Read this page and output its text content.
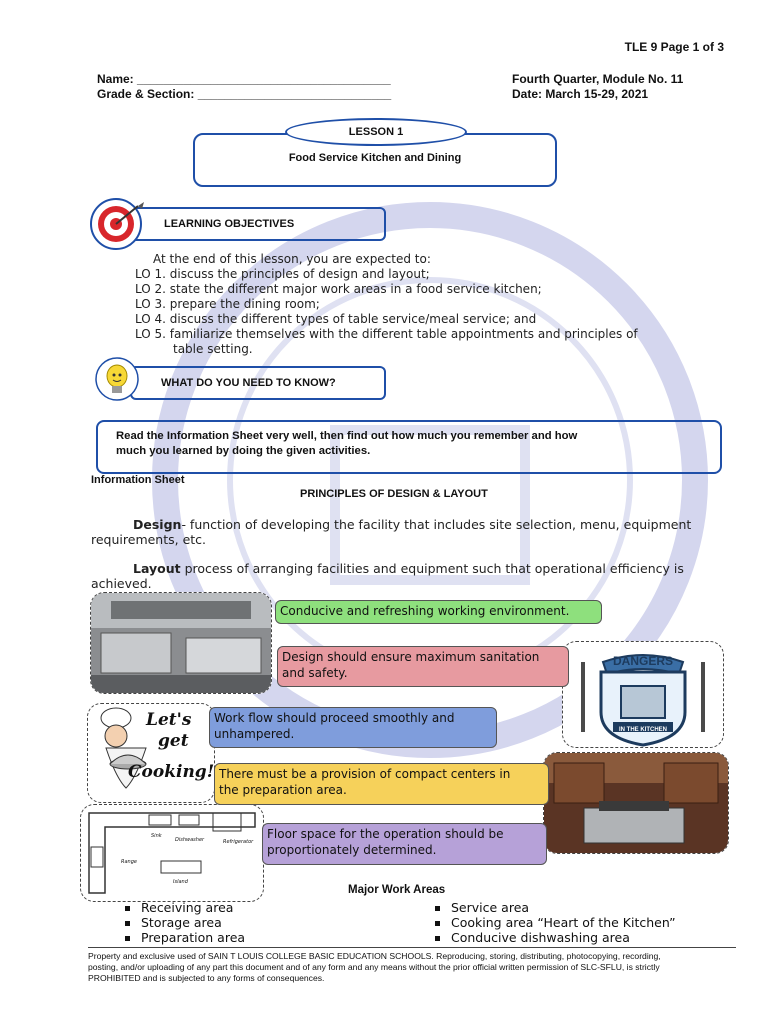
TLE 9 Page 1 of 3
Name: ______________________________________
Grade & Section: _____________________________
Fourth Quarter, Module No. 11
Date: March 15-29, 2021
LESSON 1
Food Service Kitchen and Dining
LEARNING OBJECTIVES
At the end of this lesson, you are expected to:
LO 1. discuss the principles of design and layout;
LO 2. state the different major work areas in a food service kitchen;
LO 3. prepare the dining room;
LO 4. discuss the different types of table service/meal service; and
LO 5. familiarize themselves with the different table appointments and principles of
table setting.
WHAT DO YOU NEED TO KNOW?
Read the Information Sheet very well, then find out how much you remember and how
much you learned by doing the given activities.
Information Sheet
PRINCIPLES OF DESIGN & LAYOUT
Design- function of developing the facility that includes site selection, menu, equipment
requirements, etc.
Layout process of arranging facilities and equipment such that operational efficiency is
achieved.
DANGERS
IN THE KITCHEN
Let's
get
Cooking!
Sink
Dishwasher	Refrigerator
Range
Island
Conducive and refreshing working environment.
Design should ensure maximum sanitation
and safety.
Work flow should proceed smoothly and
unhampered.
There must be a provision of compact centers in
the preparation area.
Floor space for the operation should be
proportionately determined.
Major Work Areas
Receiving area
Storage area
Preparation area
Service area
Cooking area “Heart of the Kitchen”
Conducive dishwashing area
Property and exclusive used of SAIN T LOUIS COLLEGE BASIC EDUCATION SCHOOLS. Reproducing, storing, distributing, photocopying, recording,
posting, and/or uploading of any part this document and of any form and any means without the prior official written permission of SLC-SFLU, is strictly
PROHIBITED and is subjected to any forms of consequences.
